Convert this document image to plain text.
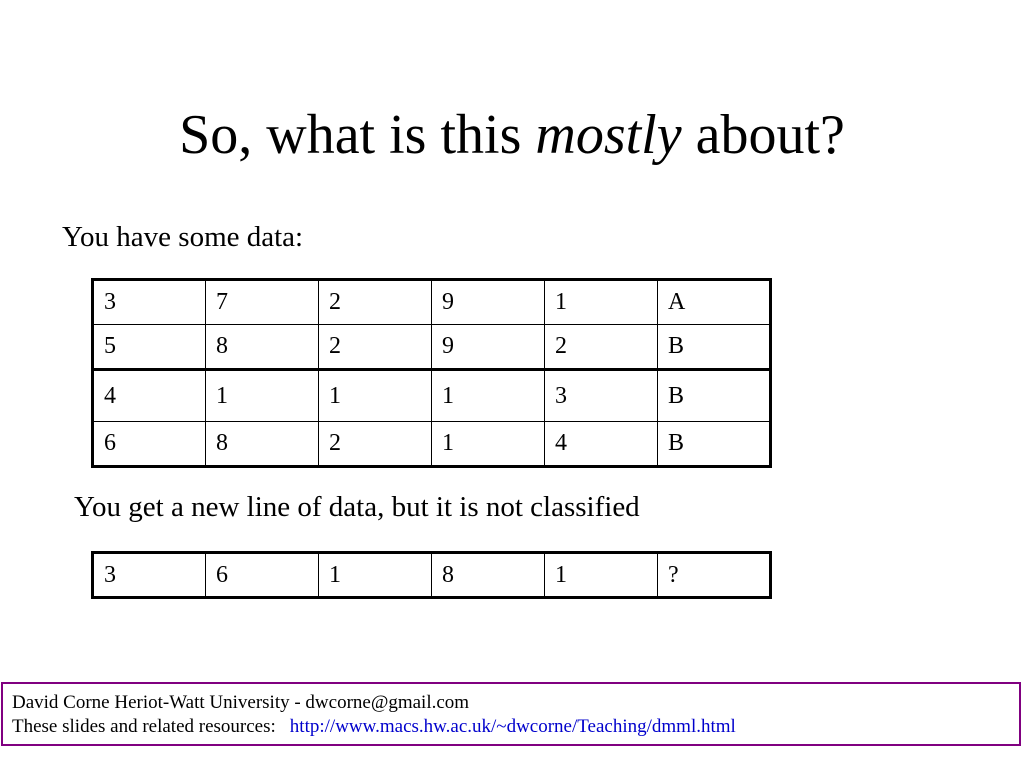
So, what is this mostly about?

You have some data:

3	7	2	9	1	A
5	8	2	9	2	B
4	1	1	1	3	B
6	8	2	1	4	B

You get a new line of data, but it is not classified

3	6	1	8	1	?
David Corne Heriot-Watt University - dwcorne@gmail.com
These slides and related resources: http://www.macs.hw.ac.uk/~dwcorne/Teaching/dmml.html
